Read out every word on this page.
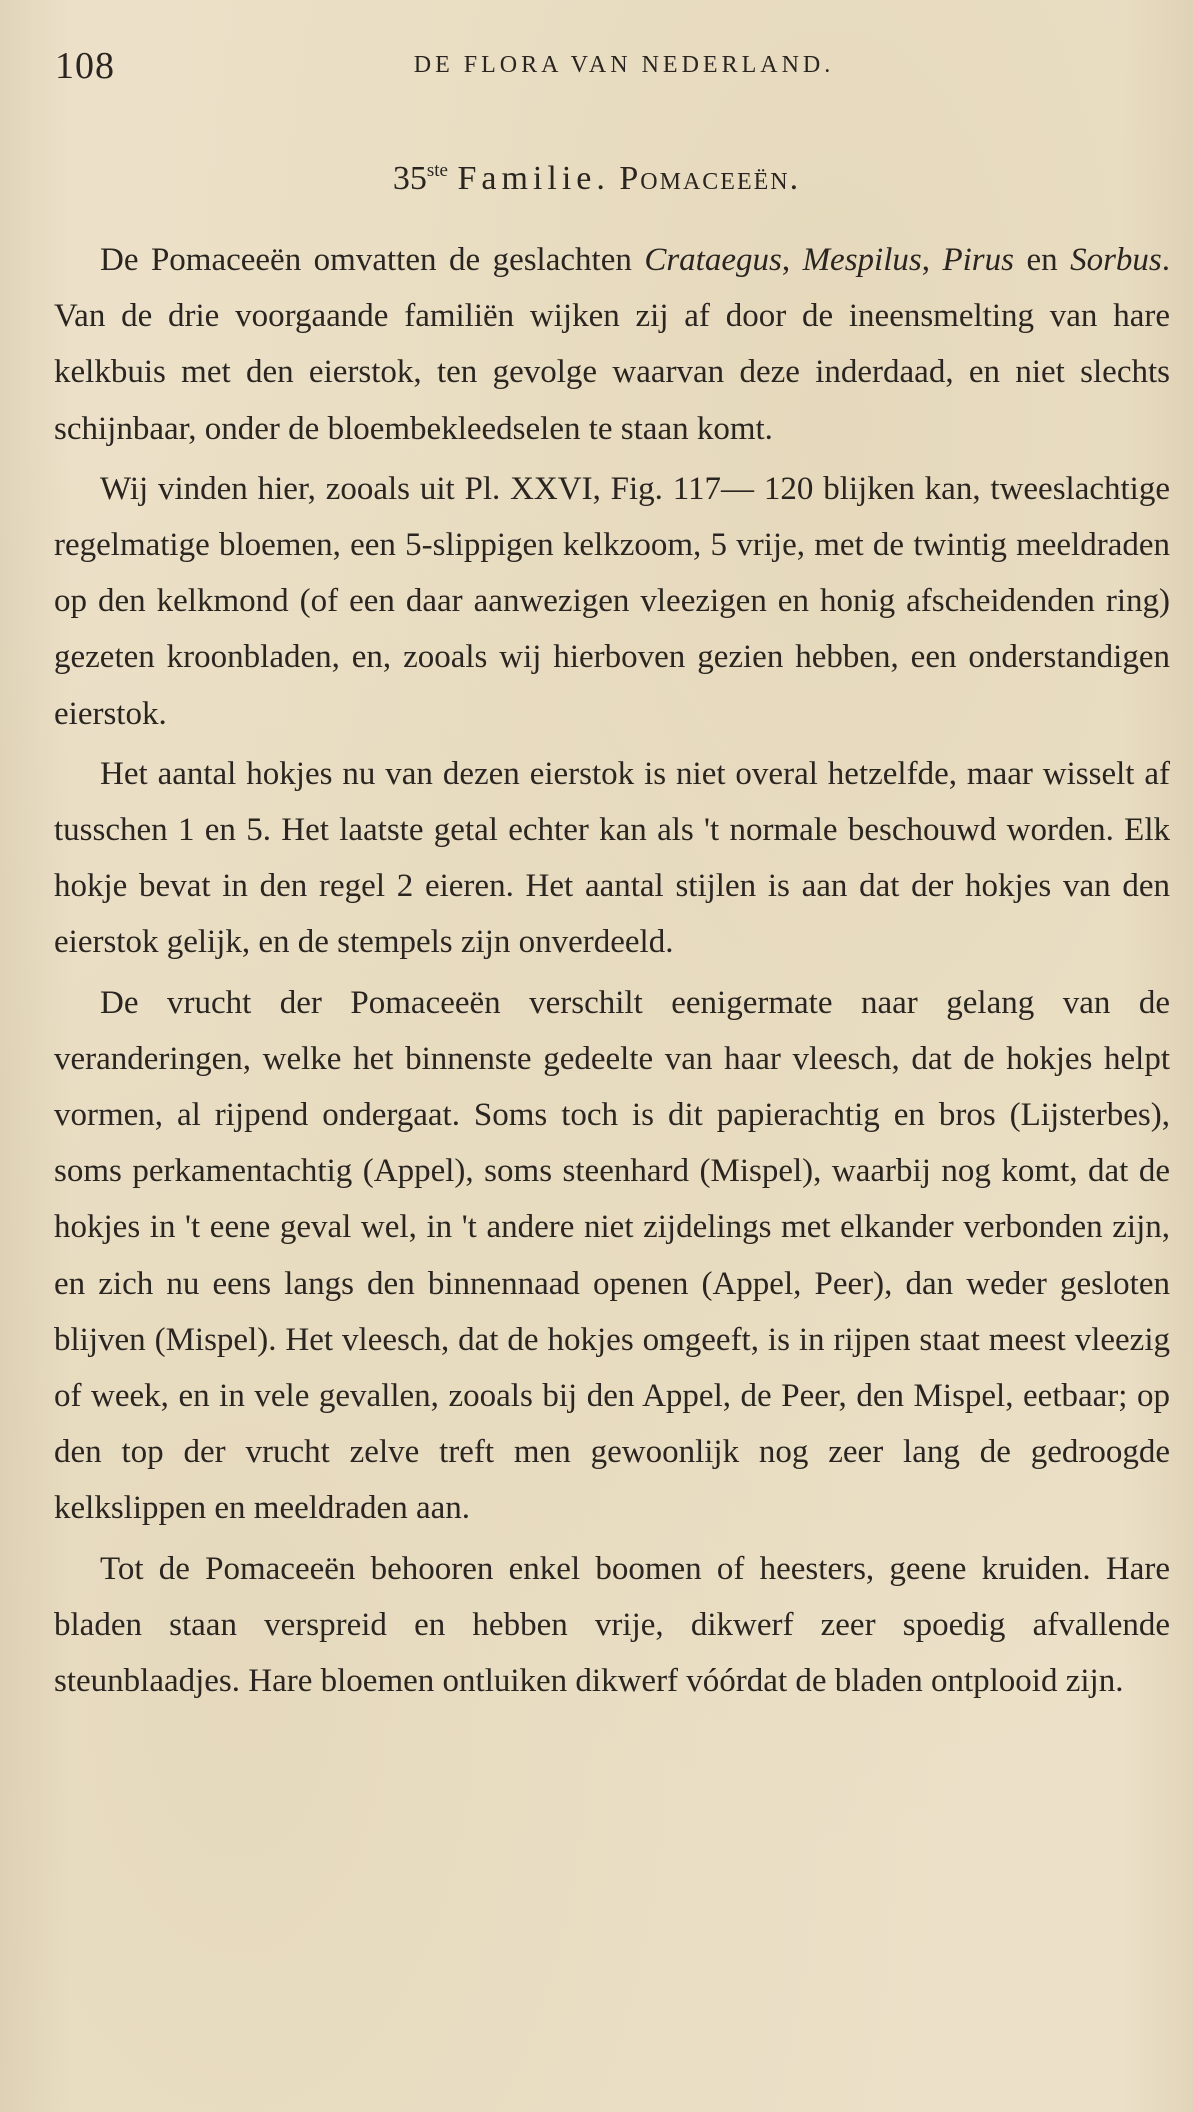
108	DE FLORA VAN NEDERLAND.
35ste Familie. Pomaceeën.

De Pomaceeën omvatten de geslachten Crataegus, Mespilus, Pirus en Sorbus. Van de drie voorgaande familiën wijken zij af door de ineensmelting van hare kelkbuis met den eierstok, ten gevolge waarvan deze inderdaad, en niet slechts schijnbaar, onder de bloembekleedselen te staan komt.

Wij vinden hier, zooals uit Pl. XXVI, Fig. 117— 120 blijken kan, tweeslachtige regelmatige bloemen, een 5-slippigen kelkzoom, 5 vrije, met de twintig meeldraden op den kelkmond (of een daar aanwezigen vleezigen en honig afscheidenden ring) gezeten kroonbladen, en, zooals wij hierboven gezien hebben, een onderstandigen eierstok.

Het aantal hokjes nu van dezen eierstok is niet overal hetzelfde, maar wisselt af tusschen 1 en 5. Het laatste getal echter kan als 't normale beschouwd worden. Elk hokje bevat in den regel 2 eieren. Het aantal stijlen is aan dat der hokjes van den eierstok gelijk, en de stempels zijn onverdeeld.

De vrucht der Pomaceeën verschilt eenigermate naar gelang van de veranderingen, welke het binnenste gedeelte van haar vleesch, dat de hokjes helpt vormen, al rijpend ondergaat. Soms toch is dit papierachtig en bros (Lijsterbes), soms perkamentachtig (Appel), soms steenhard (Mispel), waarbij nog komt, dat de hokjes in 't eene geval wel, in 't andere niet zijdelings met elkander verbonden zijn, en zich nu eens langs den binnennaad openen (Appel, Peer), dan weder gesloten blijven (Mispel). Het vleesch, dat de hokjes omgeeft, is in rijpen staat meest vleezig of week, en in vele gevallen, zooals bij den Appel, de Peer, den Mispel, eetbaar; op den top der vrucht zelve treft men gewoonlijk nog zeer lang de gedroogde kelkslippen en meeldraden aan.

Tot de Pomaceeën behooren enkel boomen of heesters, geene kruiden. Hare bladen staan verspreid en hebben vrije, dikwerf zeer spoedig afvallende steunblaadjes. Hare bloemen ontluiken dikwerf vóórdat de bladen ontplooid zijn.
